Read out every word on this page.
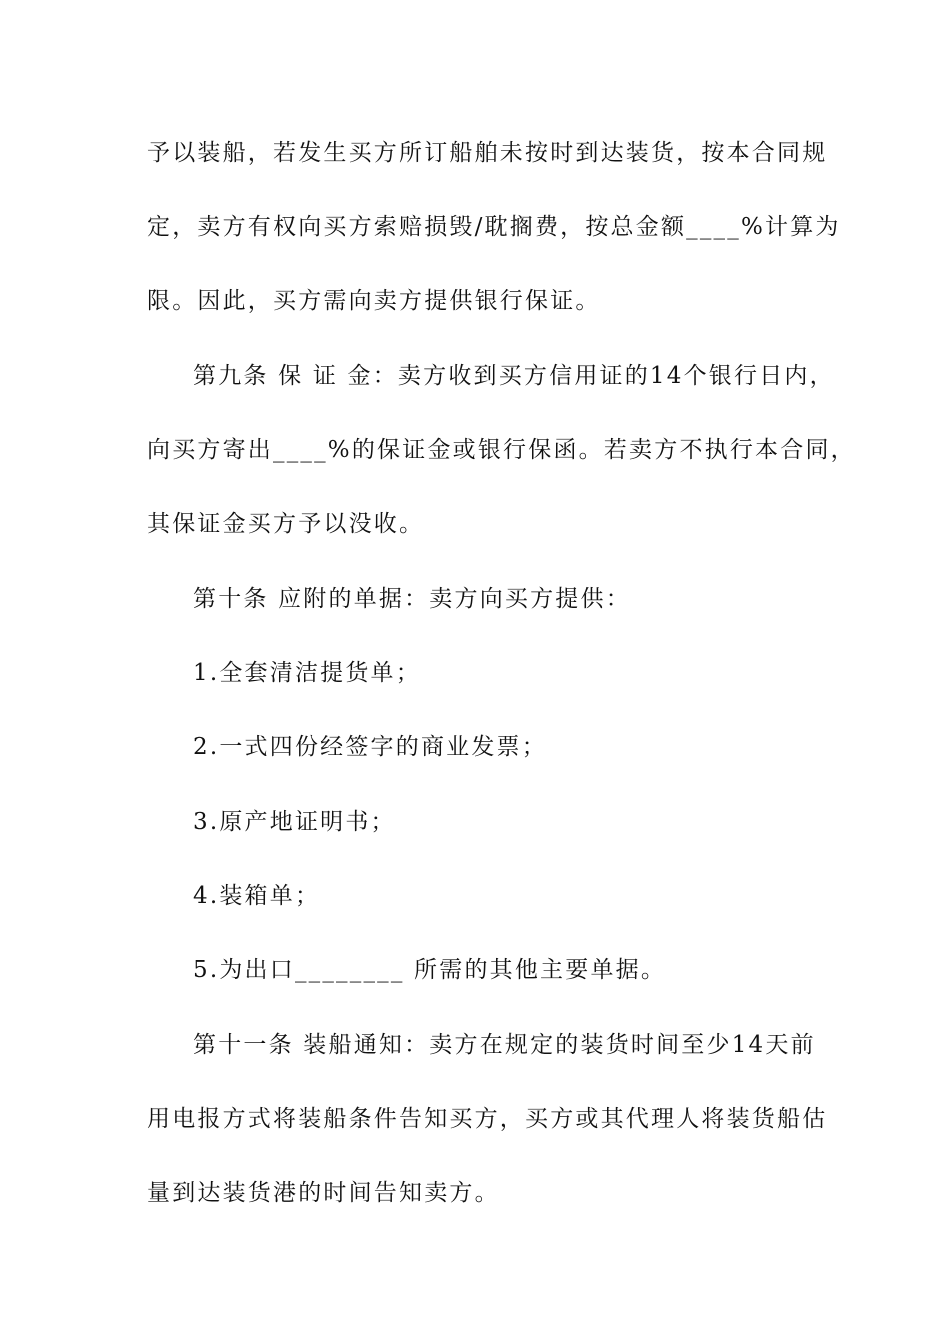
予以装船，若发生买方所订船舶未按时到达装货，按本合同规
定，卖方有权向买方索赔损毁/耽搁费，按总金额____%计算为
限。因此，买方需向卖方提供银行保证。
第九条 保 证 金：卖方收到买方信用证的14个银行日内，
向买方寄出____%的保证金或银行保函。若卖方不执行本合同，
其保证金买方予以没收。
第十条 应附的单据：卖方向买方提供：
1.全套清洁提货单；
2.一式四份经签字的商业发票；
3.原产地证明书；
4.装箱单；
5.为出口________ 所需的其他主要单据。
第十一条 装船通知：卖方在规定的装货时间至少14天前
用电报方式将装船条件告知买方，买方或其代理人将装货船估
量到达装货港的时间告知卖方。
